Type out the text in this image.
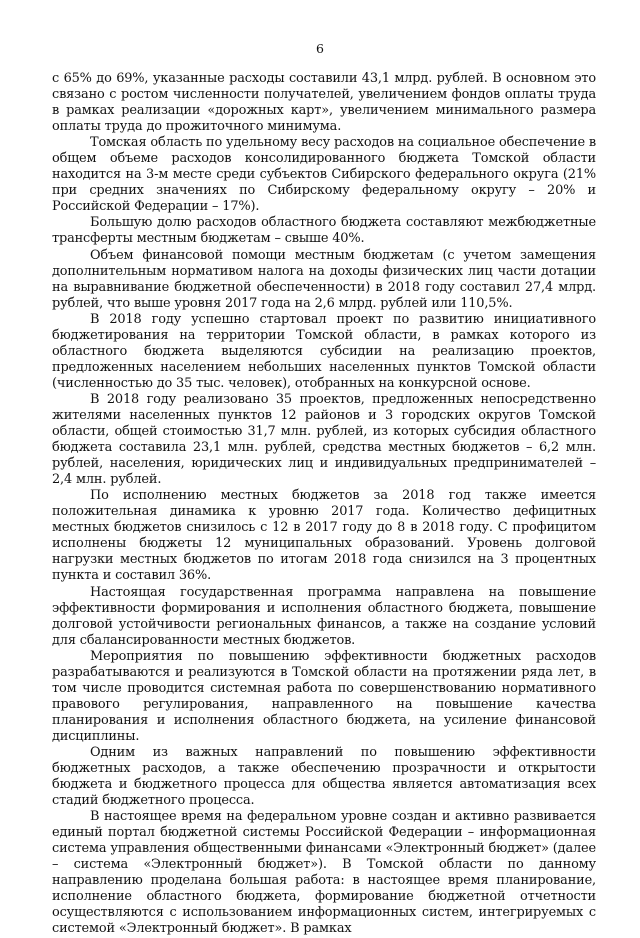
6

с 65% до 69%, указанные расходы составили 43,1 млрд. рублей. В основном это связано с ростом численности получателей, увеличением фондов оплаты труда в рамках реализации «дорожных карт», увеличением минимального размера оплаты труда до прожиточного минимума.

Томская область по удельному весу расходов на социальное обеспечение в общем объеме расходов консолидированного бюджета Томской области находится на 3-м месте среди субъектов Сибирского федерального округа (21% при средних значениях по Сибирскому федеральному округу – 20% и Российской Федерации – 17%).

Большую долю расходов областного бюджета составляют межбюджетные трансферты местным бюджетам – свыше 40%.

Объем финансовой помощи местным бюджетам (с учетом замещения дополнительным нормативом налога на доходы физических лиц части дотации на выравнивание бюджетной обеспеченности) в 2018 году составил 27,4 млрд. рублей, что выше уровня 2017 года на 2,6 млрд. рублей или 110,5%.

В 2018 году успешно стартовал проект по развитию инициативного бюджетирования на территории Томской области, в рамках которого из областного бюджета выделяются субсидии на реализацию проектов, предложенных населением небольших населенных пунктов Томской области (численностью до 35 тыс. человек), отобранных на конкурсной основе.

В 2018 году реализовано 35 проектов, предложенных непосредственно жителями населенных пунктов 12 районов и 3 городских округов Томской области, общей стоимостью 31,7 млн. рублей, из которых субсидия областного бюджета составила 23,1 млн. рублей, средства местных бюджетов – 6,2 млн. рублей, населения, юридических лиц и индивидуальных предпринимателей – 2,4 млн. рублей.

По исполнению местных бюджетов за 2018 год также имеется положительная динамика к уровню 2017 года. Количество дефицитных местных бюджетов снизилось с 12 в 2017 году до 8 в 2018 году. С профицитом исполнены бюджеты 12 муниципальных образований. Уровень долговой нагрузки местных бюджетов по итогам 2018 года снизился на 3 процентных пункта и составил 36%.

Настоящая государственная программа направлена на повышение эффективности формирования и исполнения областного бюджета, повышение долговой устойчивости региональных финансов, а также на создание условий для сбалансированности местных бюджетов.

Мероприятия по повышению эффективности бюджетных расходов разрабатываются и реализуются в Томской области на протяжении ряда лет, в том числе проводится системная работа по совершенствованию нормативного правового регулирования, направленного на повышение качества планирования и исполнения областного бюджета, на усиление финансовой дисциплины.

Одним из важных направлений по повышению эффективности бюджетных расходов, а также обеспечению прозрачности и открытости бюджета и бюджетного процесса для общества является автоматизация всех стадий бюджетного процесса.

В настоящее время на федеральном уровне создан и активно развивается единый портал бюджетной системы Российской Федерации – информационная система управления общественными финансами «Электронный бюджет» (далее – система «Электронный бюджет»). В Томской области по данному направлению проделана большая работа: в настоящее время планирование, исполнение областного бюджета, формирование бюджетной отчетности осуществляются с использованием информационных систем, интегрируемых с системой «Электронный бюджет». В рамках
